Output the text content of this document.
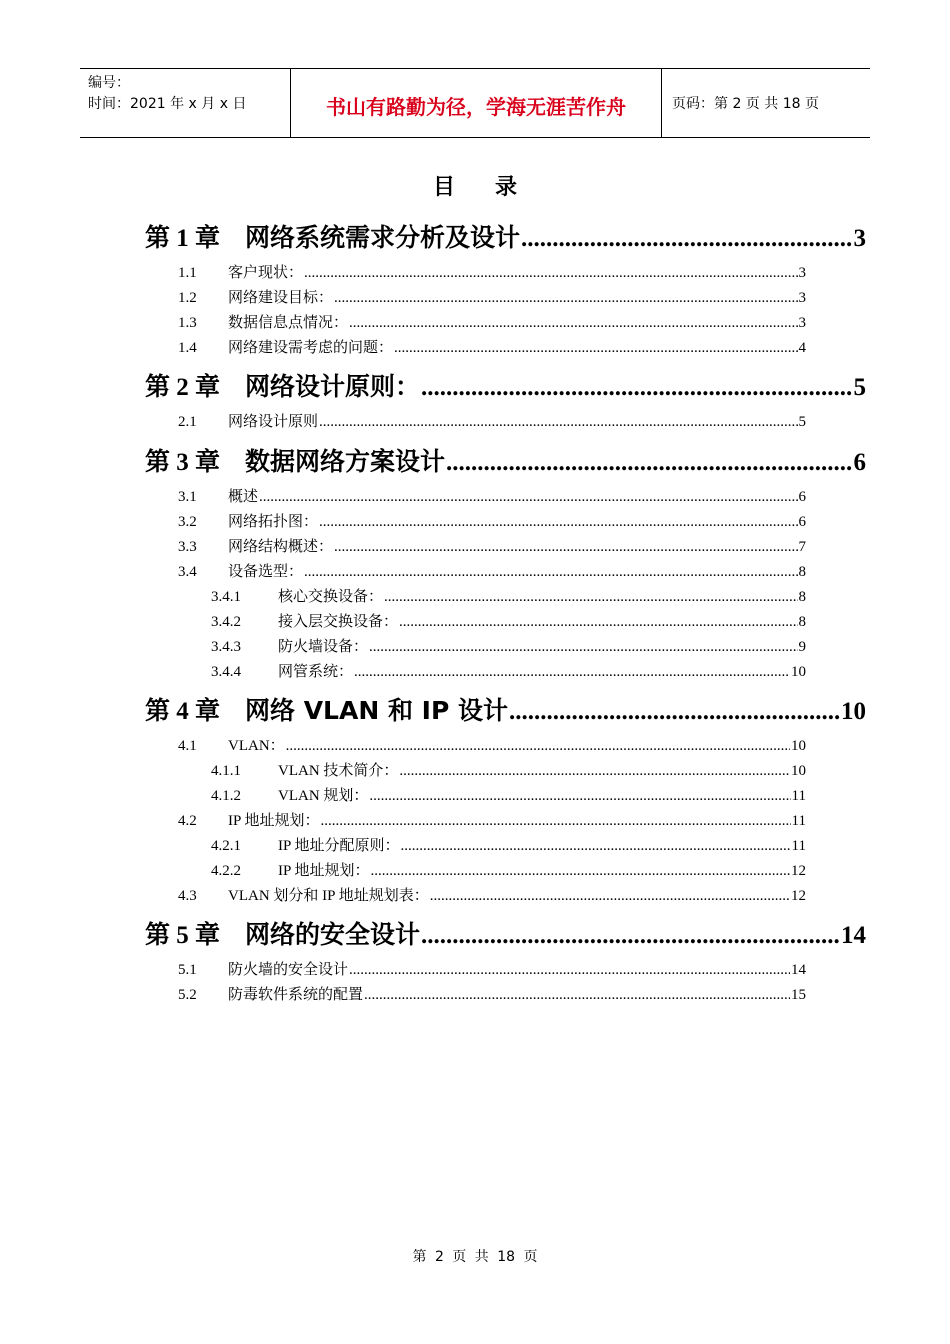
编号：
时间：2021 年 x 月 x 日	书山有路勤为径，学海无涯苦作舟	页码：第 2 页 共 18 页
目录
第 1 章 网络系统需求分析及设计 .....	3
1.1	客户现状： .....	3
1.2	网络建设目标： .....	3
1.3	数据信息点情况： .....	3
1.4	网络建设需考虑的问题： .....	4
第 2 章 网络设计原则： .....	5
2.1	网络设计原则 .....	5
第 3 章 数据网络方案设计 .....	6
3.1	概述 .....	6
3.2	网络拓扑图： .....	6
3.3	网络结构概述： .....	7
3.4	设备选型： .....	8
3.4.1	核心交换设备： .....	8
3.4.2	接入层交换设备： .....	8
3.4.3	防火墙设备： .....	9
3.4.4	网管系统： .....	10
第 4 章 网络 VLAN 和 IP 设计 .....	10
4.1	VLAN： .....	10
4.1.1	VLAN 技术简介： .....	10
4.1.2	VLAN 规划： .....	11
4.2	IP 地址规划： .....	11
4.2.1	IP 地址分配原则： .....	11
4.2.2	IP 地址规划： .....	12
4.3	VLAN 划分和 IP 地址规划表： .....	12
第 5 章 网络的安全设计 .....	14
5.1	防火墙的安全设计 .....	14
5.2	防毒软件系统的配置 .....	15
第 2 页 共 18 页
